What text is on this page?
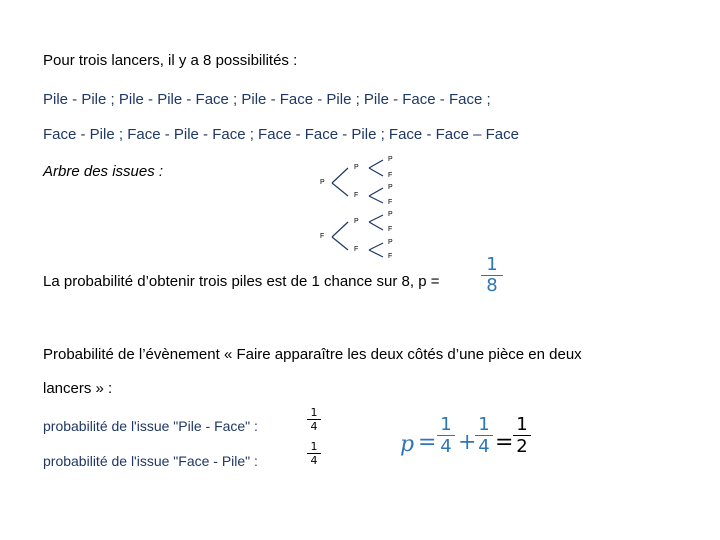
Pour trois lancers, il y a 8 possibilités :
Pile - Pile ; Pile - Pile - Face ; Pile - Face - Pile ; Pile - Face - Face ;
Face - Pile ; Face - Pile - Face ; Face - Face - Pile ; Face - Face – Face
Arbre des issues :
P
F
P
F
P
F
P
F
P
F
P
F
P
F
La probabilité d’obtenir trois piles est de 1 chance sur 8, p =
1
8
Probabilité de l’évènement « Faire apparaître les deux côtés d’une pièce en deux
lancers » :
probabilité de l'issue "Pile - Face" :
1
4
probabilité de l'issue "Face - Pile" :
1
4
p =
1
4 +
1
4 =
1
2
